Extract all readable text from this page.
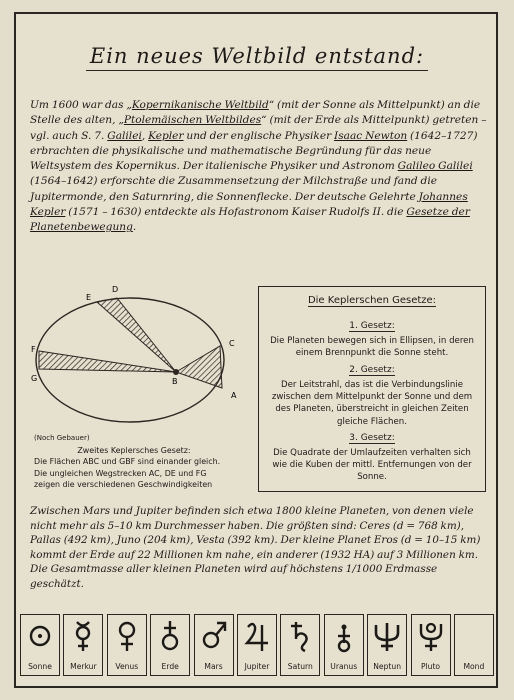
Ein neues Weltbild entstand:
Um 1600 war das „Kopernikanische Weltbild“ (mit der Sonne als Mittelpunkt) an die Stelle des alten, „Ptolemäischen Weltbildes“ (mit der Erde als Mittelpunkt) getreten – vgl. auch S. 7. Galilei, Kepler und der englische Physiker Isaac Newton (1642–1727) erbrachten die physikalische und mathematische Begründung für das neue Weltsystem des Kopernikus. Der italienische Physiker und Astronom Galileo Galilei (1564–1642) erforschte die Zusammensetzung der Milchstraße und fand die Jupitermonde, den Saturnring, die Sonnenflecke. Der deutsche Gelehrte Johannes Kepler (1571 – 1630) entdeckte als Hofastronom Kaiser Rudolfs II. die Gesetze der Planetenbewegung.
E
D
C
F
G	B
A
(Noch Gebauer)

Zweites Keplersches Gesetz:
Die Flächen ABC und GBF sind einander gleich. Die ungleichen Wegstrecken AC, DE und FG zeigen die verschiedenen Geschwindigkeiten
Die Keplerschen Gesetze:
1. Gesetz:
Die Planeten bewegen sich in Ellipsen, in deren einem Brennpunkt die Sonne steht.
2. Gesetz:
Der Leitstrahl, das ist die Verbindungslinie zwischen dem Mittelpunkt der Sonne und dem des Planeten, überstreicht in gleichen Zeiten gleiche Flächen.
3. Gesetz:
Die Quadrate der Umlaufzeiten verhalten sich wie die Kuben der mittl. Entfernungen von der Sonne.
Zwischen Mars und Jupiter befinden sich etwa 1800 kleine Planeten, von denen viele nicht mehr als 5–10 km Durchmesser haben. Die größten sind: Ceres (d = 768 km), Pallas (492 km), Juno (204 km), Vesta (392 km). Der kleine Planet Eros (d = 10–15 km) kommt der Erde auf 22 Millionen km nahe, ein anderer (1932 HA) auf 3 Millionen km. Die Gesamtmasse aller kleinen Planeten wird auf höchstens 1/1000 Erdmasse geschätzt.
Sonne	Merkur	Venus	Erde	Mars	Jupiter	Saturn	Uranus	Neptun	Pluto	Mond
